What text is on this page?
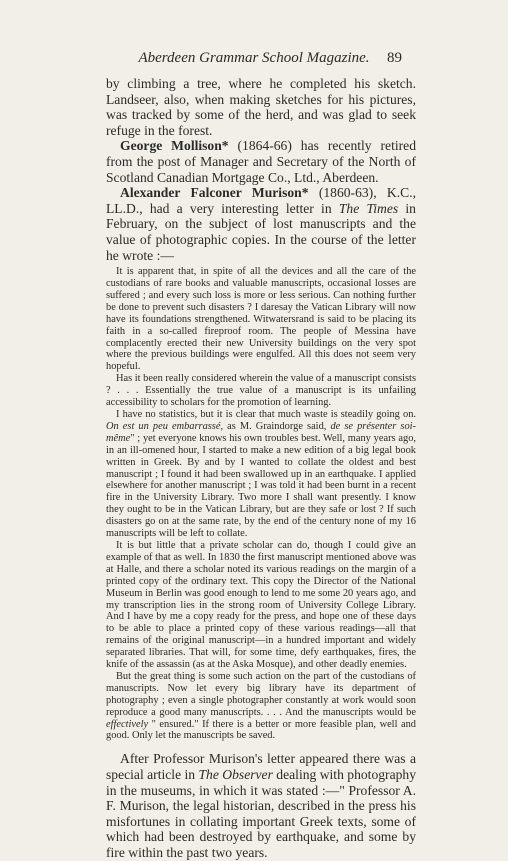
Aberdeen Grammar School Magazine.	89

by climbing a tree, where he completed his sketch. Landseer, also, when making sketches for his pictures, was tracked by some of the herd, and was glad to seek refuge in the forest.

George Mollison* (1864-66) has recently retired from the post of Manager and Secretary of the North of Scotland Canadian Mortgage Co., Ltd., Aberdeen.

Alexander Falconer Murison* (1860-63), K.C., LL.D., had a very interesting letter in The Times in February, on the subject of lost manuscripts and the value of photographic copies. In the course of the letter he wrote :—

It is apparent that, in spite of all the devices and all the care of the custodians of rare books and valuable manuscripts, occasional losses are suffered ; and every such loss is more or less serious. Can nothing further be done to prevent such disasters ? I daresay the Vatican Library will now have its foundations strengthened. Witwatersrand is said to be placing its faith in a so-called fireproof room. The people of Messina have complacently erected their new University buildings on the very spot where the previous buildings were engulfed. All this does not seem very hopeful.

Has it been really considered wherein the value of a manuscript consists ? . . . Essentially the true value of a manuscript is its unfailing accessibility to scholars for the promotion of learning.

I have no statistics, but it is clear that much waste is steadily going on. On est un peu embarrassé, as M. Graindorge said, de se présenter soi-même" ; yet everyone knows his own troubles best. Well, many years ago, in an ill-omened hour, I started to make a new edition of a big legal book written in Greek. By and by I wanted to collate the oldest and best manuscript ; I found it had been swallowed up in an earthquake. I applied elsewhere for another manuscript ; I was told it had been burnt in a recent fire in the University Library. Two more I shall want presently. I know they ought to be in the Vatican Library, but are they safe or lost ? If such disasters go on at the same rate, by the end of the century none of my 16 manuscripts will be left to collate.

It is but little that a private scholar can do, though I could give an example of that as well. In 1830 the first manuscript mentioned above was at Halle, and there a scholar noted its various readings on the margin of a printed copy of the ordinary text. This copy the Director of the National Museum in Berlin was good enough to lend to me some 20 years ago, and my transcription lies in the strong room of University College Library. And I have by me a copy ready for the press, and hope one of these days to be able to place a printed copy of these various readings—all that remains of the original manuscript—in a hundred important and widely separated libraries. That will, for some time, defy earthquakes, fires, the knife of the assassin (as at the Aska Mosque), and other deadly enemies.

But the great thing is some such action on the part of the custodians of manuscripts. Now let every big library have its department of photography ; even a single photographer constantly at work would soon reproduce a good many manuscripts. . . . And the manuscripts would be effectively " ensured." If there is a better or more feasible plan, well and good. Only let the manuscripts be saved.

After Professor Murison's letter appeared there was a special article in The Observer dealing with photography in the museums, in which it was stated :—" Professor A. F. Murison, the legal historian, described in the press his misfortunes in collating important Greek texts, some of which had been destroyed by earthquake, and some by fire within the past two years.
